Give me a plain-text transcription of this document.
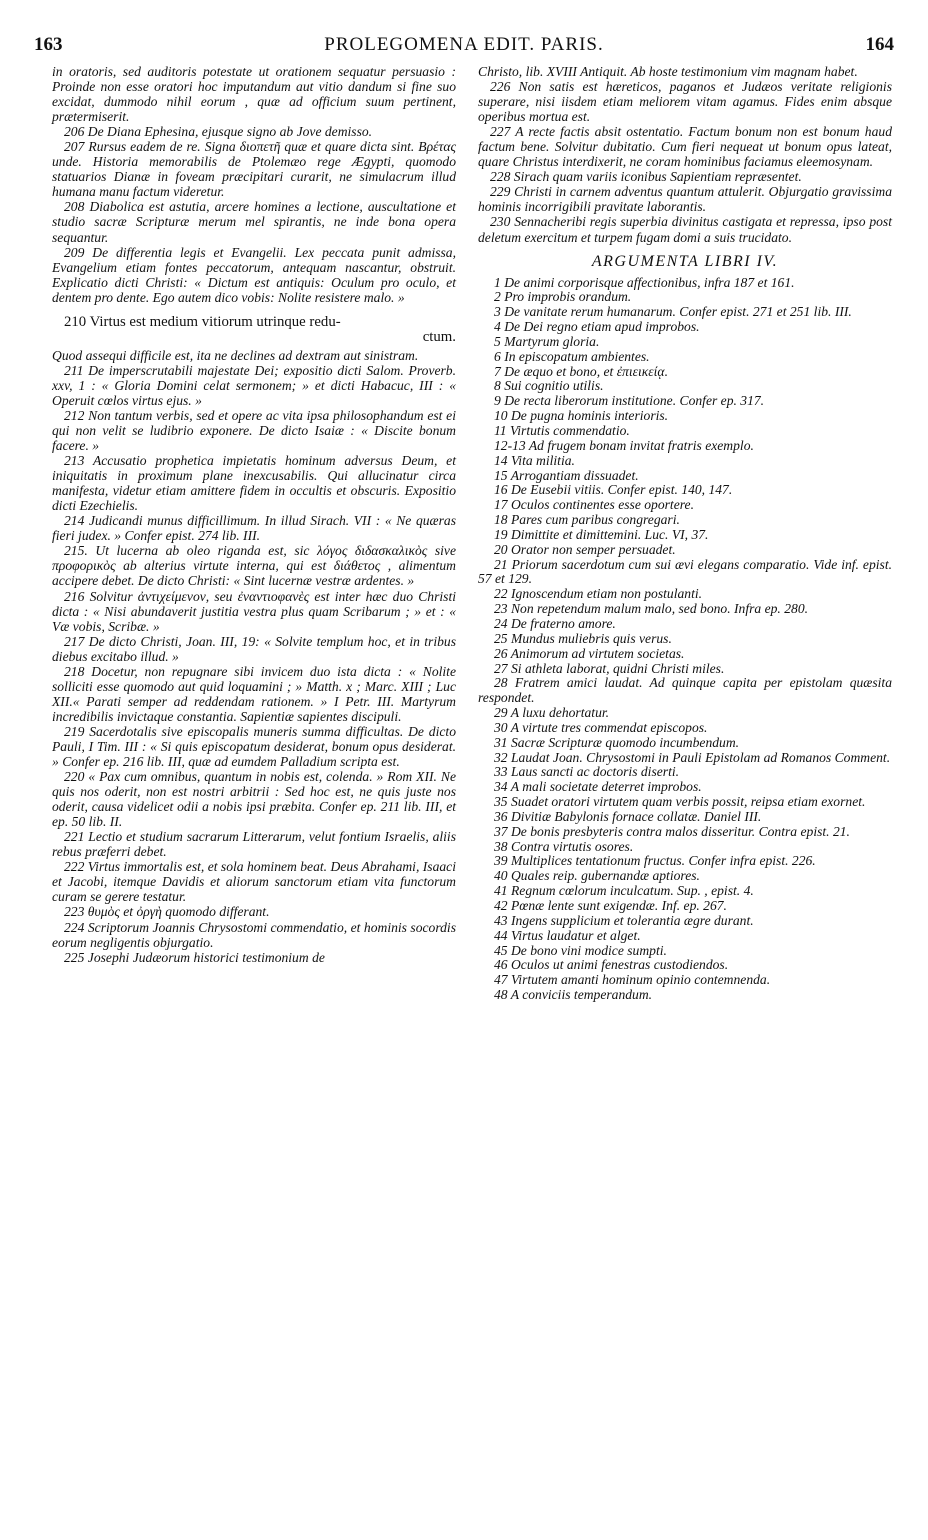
163	PROLEGOMENA EDIT. PARIS.	164

in oratoris, sed auditoris potestate ut orationem sequatur persuasio : Proinde non esse oratori hoc imputandum aut vitio dandum si fine suo excidat, dummodo nihil eorum , quæ ad officium suum pertinent, prætermiserit.

206 De Diana Ephesina, ejusque signo ab Jove demisso.

207 Rursus eadem de re. Signa διοπετῆ quæ et quare dicta sint. Βρέτας unde. Historia memorabilis de Ptolemæo rege Ægypti, quomodo statuarios Dianæ in foveam præcipitari curarit, ne simulacrum illud humana manu factum videretur.

208 Diabolica est astutia, arcere homines a lectione, auscultatione et studio sacræ Scripturæ merum mel spirantis, ne inde bona opera sequantur.

209 De differentia legis et Evangelii. Lex peccata punit admissa, Evangelium etiam fontes peccatorum, antequam nascantur, obstruit. Explicatio dicti Christi: « Dictum est antiquis: Oculum pro oculo, et dentem pro dente. Ego autem dico vobis: Nolite resistere malo. »

210 Virtus est medium vitiorum utrinque redu-

ctum.

Quod assequi difficile est, ita ne declines ad dextram aut sinistram.

211 De imperscrutabili majestate Dei; expositio dicti Salom. Proverb. xxv, 1 : « Gloria Domini celat sermonem; » et dicti Habacuc, III : « Operuit cœlos virtus ejus. »

212 Non tantum verbis, sed et opere ac vita ipsa philosophandum est ei qui non velit se ludibrio exponere. De dicto Isaiæ : « Discite bonum facere. »

213 Accusatio prophetica impietatis hominum adversus Deum, et iniquitatis in proximum plane inexcusabilis. Qui allucinatur circa manifesta, videtur etiam amittere fidem in occultis et obscuris. Expositio dicti Ezechielis.

214 Judicandi munus difficillimum. In illud Sirach. VII : « Ne quæras fieri judex. » Confer epist. 274 lib. III.

215. Ut lucerna ab oleo riganda est, sic λόγος διδασκαλικὸς sive προφορικὸς ab alterius virtute interna, qui est διάθετος , alimentum accipere debet. De dicto Christi: « Sint lucernæ vestræ ardentes. »

216 Solvitur ἀντιχείμενον, seu ἐναντιοφανὲς est inter hæc duo Christi dicta : « Nisi abundaverit justitia vestra plus quam Scribarum ; » et : « Væ vobis, Scribæ. »

217 De dicto Christi, Joan. III, 19: « Solvite templum hoc, et in tribus diebus excitabo illud. »

218 Docetur, non repugnare sibi invicem duo ista dicta : « Nolite solliciti esse quomodo aut quid loquamini ; » Matth. x ; Marc. XIII ; Luc XII.« Parati semper ad reddendam rationem. » I Petr. III. Martyrum incredibilis invictaque constantia. Sapientiæ sapientes discipuli.

219 Sacerdotalis sive episcopalis muneris summa difficultas. De dicto Pauli, I Tim. III : « Si quis episcopatum desiderat, bonum opus desiderat. » Confer ep. 216 lib. III, quæ ad eumdem Palladium scripta est.

220 « Pax cum omnibus, quantum in nobis est, colenda. » Rom XII. Ne quis nos oderit, non est nostri arbitrii : Sed hoc est, ne quis juste nos oderit, causa videlicet odii a nobis ipsi præbita. Confer ep. 211 lib. III, et ep. 50 lib. II.

221 Lectio et studium sacrarum Litterarum, velut fontium Israelis, aliis rebus præferri debet.

222 Virtus immortalis est, et sola hominem beat. Deus Abrahami, Isaaci et Jacobi, itemque Davidis et aliorum sanctorum etiam vita functorum curam se gerere testatur.

223 θυμὸς et ὀργὴ quomodo differant.

224 Scriptorum Joannis Chrysostomi commendatio, et hominis socordis eorum negligentis objurgatio.

225 Josephi Judæorum historici testimonium de

Christo, lib. XVIII Antiquit. Ab hoste testimonium vim magnam habet.

226 Non satis est hæreticos, paganos et Judæos veritate religionis superare, nisi iisdem etiam meliorem vitam agamus. Fides enim absque operibus mortua est.

227 A recte factis absit ostentatio. Factum bonum non est bonum haud factum bene. Solvitur dubitatio. Cum fieri nequeat ut bonum opus lateat, quare Christus interdixerit, ne coram hominibus faciamus eleemosynam.

228 Sirach quam variis iconibus Sapientiam repræsentet.

229 Christi in carnem adventus quantum attulerit. Objurgatio gravissima hominis incorrigibili pravitate laborantis.

230 Sennacheribi regis superbia divinitus castigata et repressa, ipso post deletum exercitum et turpem fugam domi a suis trucidato.

ARGUMENTA LIBRI IV.

1 De animi corporisque affectionibus, infra 187 et 161.

2 Pro improbis orandum.

3 De vanitate rerum humanarum. Confer epist. 271 et 251 lib. III.

4 De Dei regno etiam apud improbos.

5 Martyrum gloria.

6 In episcopatum ambientes.

7 De æquo et bono, et ἐπιεικείᾳ.

8 Sui cognitio utilis.

9 De recta liberorum institutione. Confer ep. 317.

10 De pugna hominis interioris.

11 Virtutis commendatio.

12-13 Ad frugem bonam invitat fratris exemplo.

14 Vita militia.

15 Arrogantiam dissuadet.

16 De Eusebii vitiis. Confer epist. 140, 147.

17 Oculos continentes esse oportere.

18 Pares cum paribus congregari.

19 Dimittite et dimittemini. Luc. VI, 37.

20 Orator non semper persuadet.

21 Priorum sacerdotum cum sui ævi elegans comparatio. Vide inf. epist. 57 et 129.

22 Ignoscendum etiam non postulanti.

23 Non repetendum malum malo, sed bono. Infra ep. 280.

24 De fraterno amore.

25 Mundus muliebris quis verus.

26 Animorum ad virtutem societas.

27 Si athleta laborat, quidni Christi miles.

28 Fratrem amici laudat. Ad quinque capita per epistolam quæsita respondet.

29 A luxu dehortatur.

30 A virtute tres commendat episcopos.

31 Sacræ Scripturæ quomodo incumbendum.

32 Laudat Joan. Chrysostomi in Pauli Epistolam ad Romanos Comment.

33 Laus sancti ac doctoris diserti.

34 A mali societate deterret improbos.

35 Suadet oratori virtutem quam verbis possit, reipsa etiam exornet.

36 Divitiæ Babylonis fornace collatæ. Daniel III.

37 De bonis presbyteris contra malos disseritur. Contra epist. 21.

38 Contra virtutis osores.

39 Multiplices tentationum fructus. Confer infra epist. 226.

40 Quales reip. gubernandæ aptiores.

41 Regnum cœlorum inculcatum. Sup. , epist. 4.

42 Pœnæ lente sunt exigendæ. Inf. ep. 267.

43 Ingens supplicium et tolerantia ægre durant.

44 Virtus laudatur et alget.

45 De bono vini modice sumpti.

46 Oculos ut animi fenestras custodiendos.

47 Virtutem amanti hominum opinio contemnenda.

48 A conviciis temperandum.
